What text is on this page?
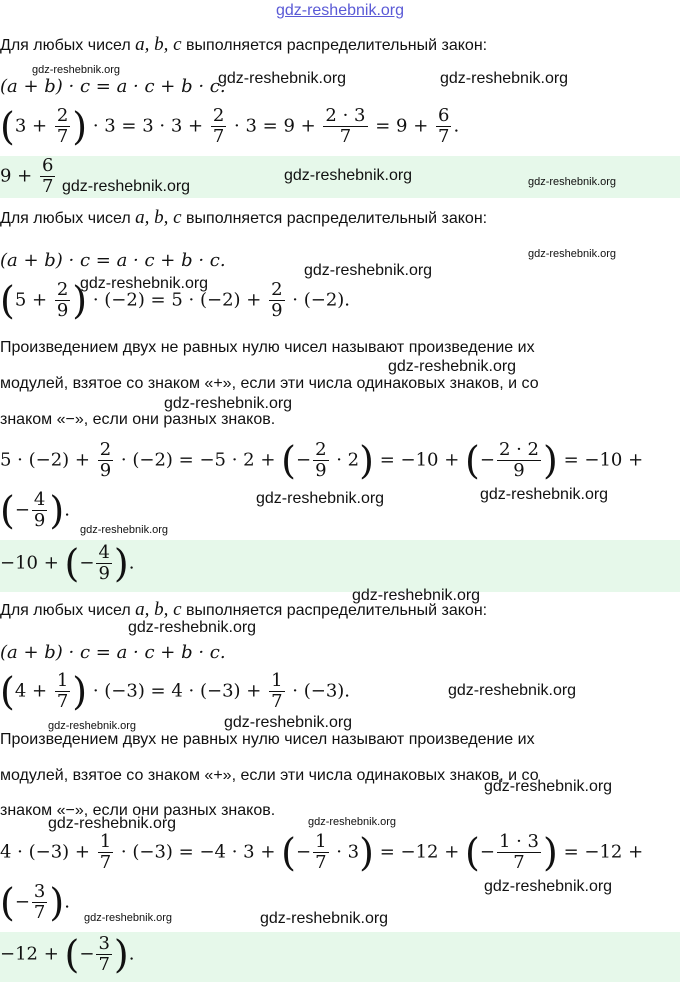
gdz-reshebnik.org
Для любых чисел a, b, c выполняется распределительный закон:
(a + b) · c = a · c + b · c.
($3 + \frac{2}{7}$ ) · $3 = 3 \cdot 3 + \frac{2}{7} \cdot 3 = 9 + \frac{2 \cdot 3}{7} = 9 + \frac{6}{7}$ .
$9 + \frac{6}{7}$
Для любых чисел a, b, c выполняется распределительный закон:
(a + b) · c = a · c + b · c.
($5 + \frac{2}{9}$ ) · $(-2) = 5 \cdot (-2) + \frac{2}{9} \cdot (-2)$.
Произведением двух не равных нулю чисел называют произведение их
модулей, взятое со знаком «+», если эти числа одинаковых знаков, и со
знаком «−», если они разных знаков.
$5 \cdot (-2) + \frac{2}{9} \cdot (-2) = -5 \cdot 2$ + (− $\frac{2}{9} \cdot 2) = -10$ + (− $\frac{2 \cdot 2}{9}$ ) = −10 +
(− $\frac{4}{9}$ ).
−10 + (− $\frac{4}{9}$ ).
Для любых чисел a, b, c выполняется распределительный закон:
(a + b) · c = a · c + b · c.
($4 + \frac{1}{7}$ ) · $(-3) = 4 \cdot (-3) + \frac{1}{7} \cdot (-3)$.
Произведением двух не равных нулю чисел называют произведение их
модулей, взятое со знаком «+», если эти числа одинаковых знаков, и со
знаком «−», если они разных знаков.
$4 \cdot (-3) + \frac{1}{7} \cdot (-3) = -4 \cdot 3$ + (− $\frac{1}{7} \cdot 3) = -12$ + (− $\frac{1 \cdot 3}{7}$ ) = −12 +
(− $\frac{3}{7}$ ).
−12 + (− $\frac{3}{7}$ ).
gdz-reshebnik.org	gdz-reshebnik.org	gdz-reshebnik.org
gdz-reshebnik.org
gdz-reshebnik.org	gdz-reshebnik.org
gdz-reshebnik.org
gdz-reshebnik.org
gdz-reshebnik.org
gdz-reshebnik.org
gdz-reshebnik.org
gdz-reshebnik.org	gdz-reshebnik.org
gdz-reshebnik.org
gdz-reshebnik.org
gdz-reshebnik.org
gdz-reshebnik.org
gdz-reshebnik.org	gdz-reshebnik.org
gdz-reshebnik.org
gdz-reshebnik.org	gdz-reshebnik.org
gdz-reshebnik.org
gdz-reshebnik.org	gdz-reshebnik.org
